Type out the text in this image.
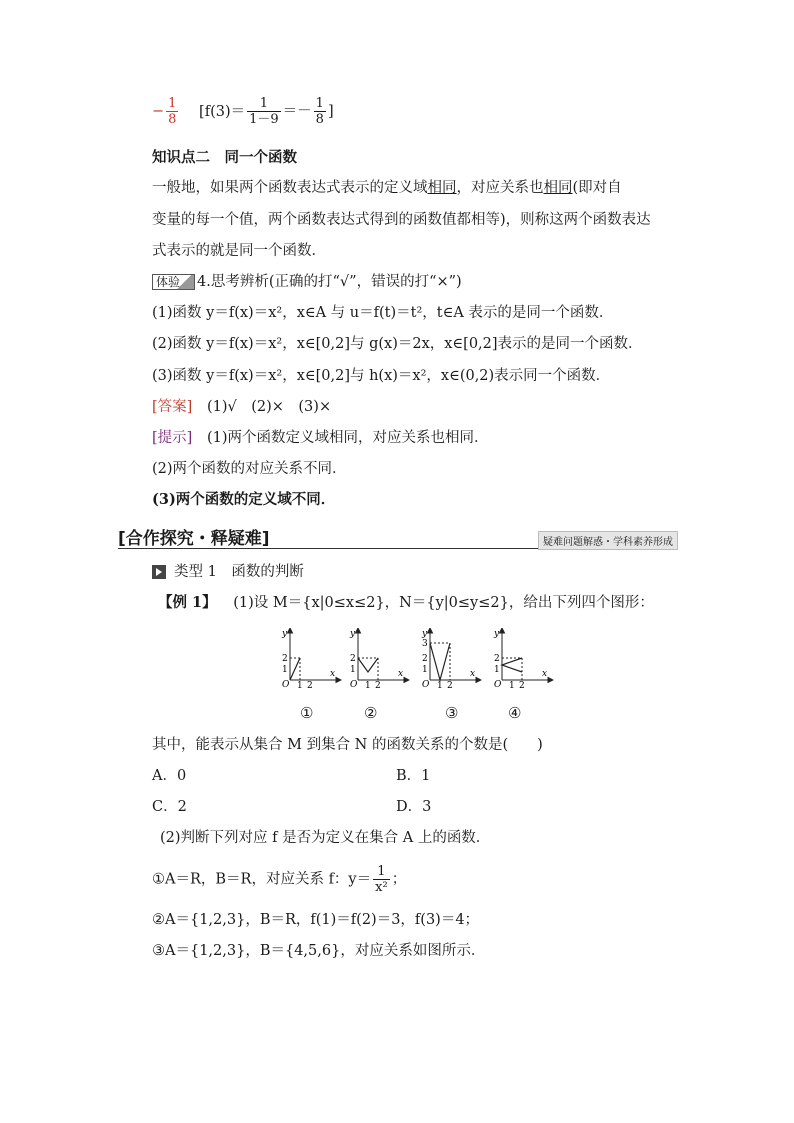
− $\frac{1}{8} [f(3)= \frac{1}{1-9} =- \frac{1}{8}$ ]
知识点二　同一个函数
一般地，如果两个函数表达式表示的定义域相同，对应关系也相同(即对自
变量的每一个值，两个函数表达式得到的函数值都相等)，则称这两个函数表达
式表示的就是同一个函数．
体验 4.思考辨析(正确的打“√”，错误的打“×”)
(1)函数 y＝f(x)＝x²，x∈A 与 u＝f(t)＝t²，t∈A 表示的是同一个函数．
(2)函数 y＝f(x)＝x²，x∈[0,2]与 g(x)＝2x，x∈[0,2]表示的是同一个函数．
(3)函数 y＝f(x)＝x²，x∈[0,2]与 h(x)＝x²，x∈(0,2)表示同一个函数．
[答案] (1)√　(2)×　(3)×
[提示] (1)两个函数定义域相同，对应关系也相同．
(2)两个函数的对应关系不同．
(3)两个函数的定义域不同．
[合作探究・释疑难]	疑难问题解惑・学科素养形成
类型 1　函数的判断
【例 1】 (1)设 M＝{x|0≤x≤2}，N＝{y|0≤y≤2}，给出下列四个图形：
y
x
O
2
1
1 2
y
x
O
2
1
1 2
y
x
O
3
2
1
1 2
y
x
O
2
1
1 2
①	②	③	④
其中，能表示从集合 M 到集合 N 的函数关系的个数是(　　)
A．0	B．1
C．2	D．3
(2)判断下列对应 f 是否为定义在集合 A 上的函数．
①A＝R，B＝R，对应关系 f：$y= \frac{1}{\text{x²}}$ ；
②A＝{1,2,3}，B＝R，f(1)＝f(2)＝3，f(3)＝4；
③A＝{1,2,3}，B＝{4,5,6}，对应关系如图所示．
